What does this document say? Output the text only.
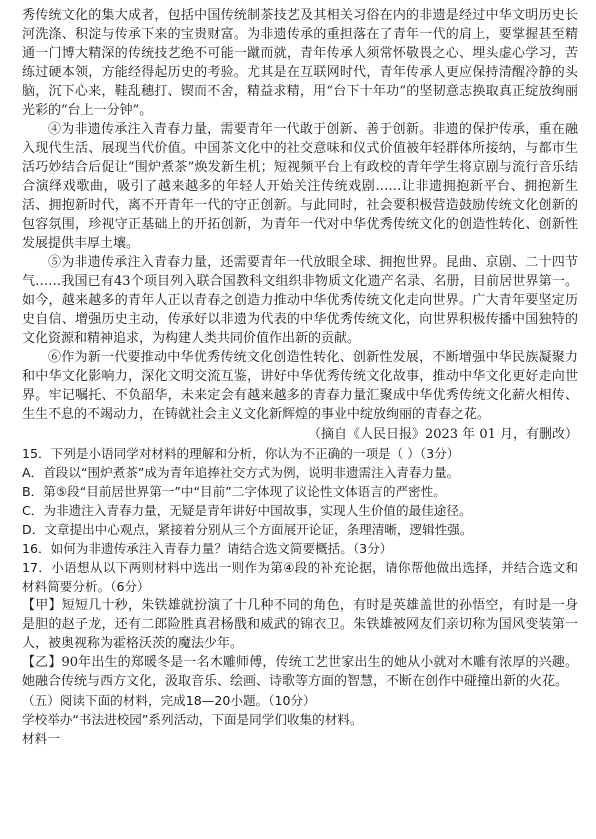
秀传统文化的集大成者，包括中国传统制茶技艺及其相关习俗在内的非遗是经过中华文明历史长河洗涤、积淀与传承下来的宝贵财富。为非遗传承的重担落在了青年一代的肩上，要掌握甚至精通一门博大精深的传统技艺绝不可能一蹴而就，青年传承人须常怀敬畏之心、埋头虚心学习，苦练过硬本领，方能经得起历史的考验。尤其是在互联网时代，青年传承人更应保持清醒冷静的头脑，沉下心来，鞋乱穗打、锲而不舍，精益求精，用“台下十年功”的坚韧意志换取真正绽放绚丽光彩的“台上一分钟”。

④为非遗传承注入青春力量，需要青年一代敢于创新、善于创新。非遗的保护传承，重在融入现代生活、展现当代价值。中国茶文化中的社交意味和仪式价值被年轻群体所接纳，与都市生活巧妙结合后促让“围炉煮茶”焕发新生机；短视频平台上有政校的青年学生将京剧与流行音乐结合演绎戏歌曲，吸引了越来越多的年轻人开始关注传统戏剧……让非遗拥抱新平台、拥抱新生活、拥抱新时代，离不开青年一代的守正创新。与此同时，社会要积极营造鼓励传统文化创新的包容氛围，珍视守正基础上的开拓创新，为青年一代对中华优秀传统文化的创造性转化、创新性发展提供丰厚土壤。

⑤为非遗传承注入青春力量，还需要青年一代放眼全球、拥抱世界。昆曲、京剧、二十四节气……我国已有43个项目列入联合国教科文组织非物质文化遗产名录、名册，目前居世界第一。如今，越来越多的青年人正以青春之创造力推动中华优秀传统文化走向世界。广大青年要坚定历史自信、增强历史主动，传承好以非遗为代表的中华优秀传统文化，向世界积极传播中国独特的文化资源和精神追求，为构建人类共同价值作出新的贡献。

⑥作为新一代要推动中华优秀传统文化创造性转化、创新性发展，不断增强中华民族凝聚力和中华文化影响力，深化文明交流互鉴，讲好中华优秀传统文化故事，推动中华文化更好走向世界。牢记嘱托、不负韶华，未来定会有越来越多的青春力量汇聚成中华优秀传统文化薪火相传、生生不息的不竭动力，在铸就社会主义文化新辉煌的事业中绽放绚丽的青春之花。

（摘自《人民日报》2023 年 01 月，有删改）

15．下列是小语同学对材料的理解和分析，你认为不正确的一项是（ ）（3分）

A．首段以“围炉煮茶”成为青年追捧社交方式为例，说明非遗需注入青春力量。

B．第⑤段“目前居世界第一”中“目前”二字体现了议论性文体语言的严密性。

C．为非遗注入青春力量，无疑是青年讲好中国故事，实现人生价值的最佳途径。

D．文章提出中心观点，紧接着分别从三个方面展开论证，条理清晰，逻辑性强。

16．如何为非遗传承注入青春力量？请结合选文简要概括。（3分）

17．小语想从以下两则材料中选出一则作为第④段的补充论据，请你帮他做出选择，并结合选文和材料简要分析。（6分）

【甲】短短几十秒，朱铁雄就扮演了十几种不同的角色，有时是英雄盖世的孙悟空，有时是一身是胆的赵子龙，还有二郎险胜真君杨戬和威武的锦衣卫。朱铁雄被网友们亲切称为国风变装第一人，被奥视称为霍格沃茨的魔法少年。

【乙】90年出生的郑暖冬是一名木雕师傅，传统工艺世家出生的她从小就对木雕有浓厚的兴趣。她融合传统与西方文化，汲取音乐、绘画、诗歌等方面的智慧，不断在创作中碰撞出新的火花。

（五）阅读下面的材料，完成18—20小题。（10分）

学校举办“书法进校园”系列活动，下面是同学们收集的材料。

材料一
